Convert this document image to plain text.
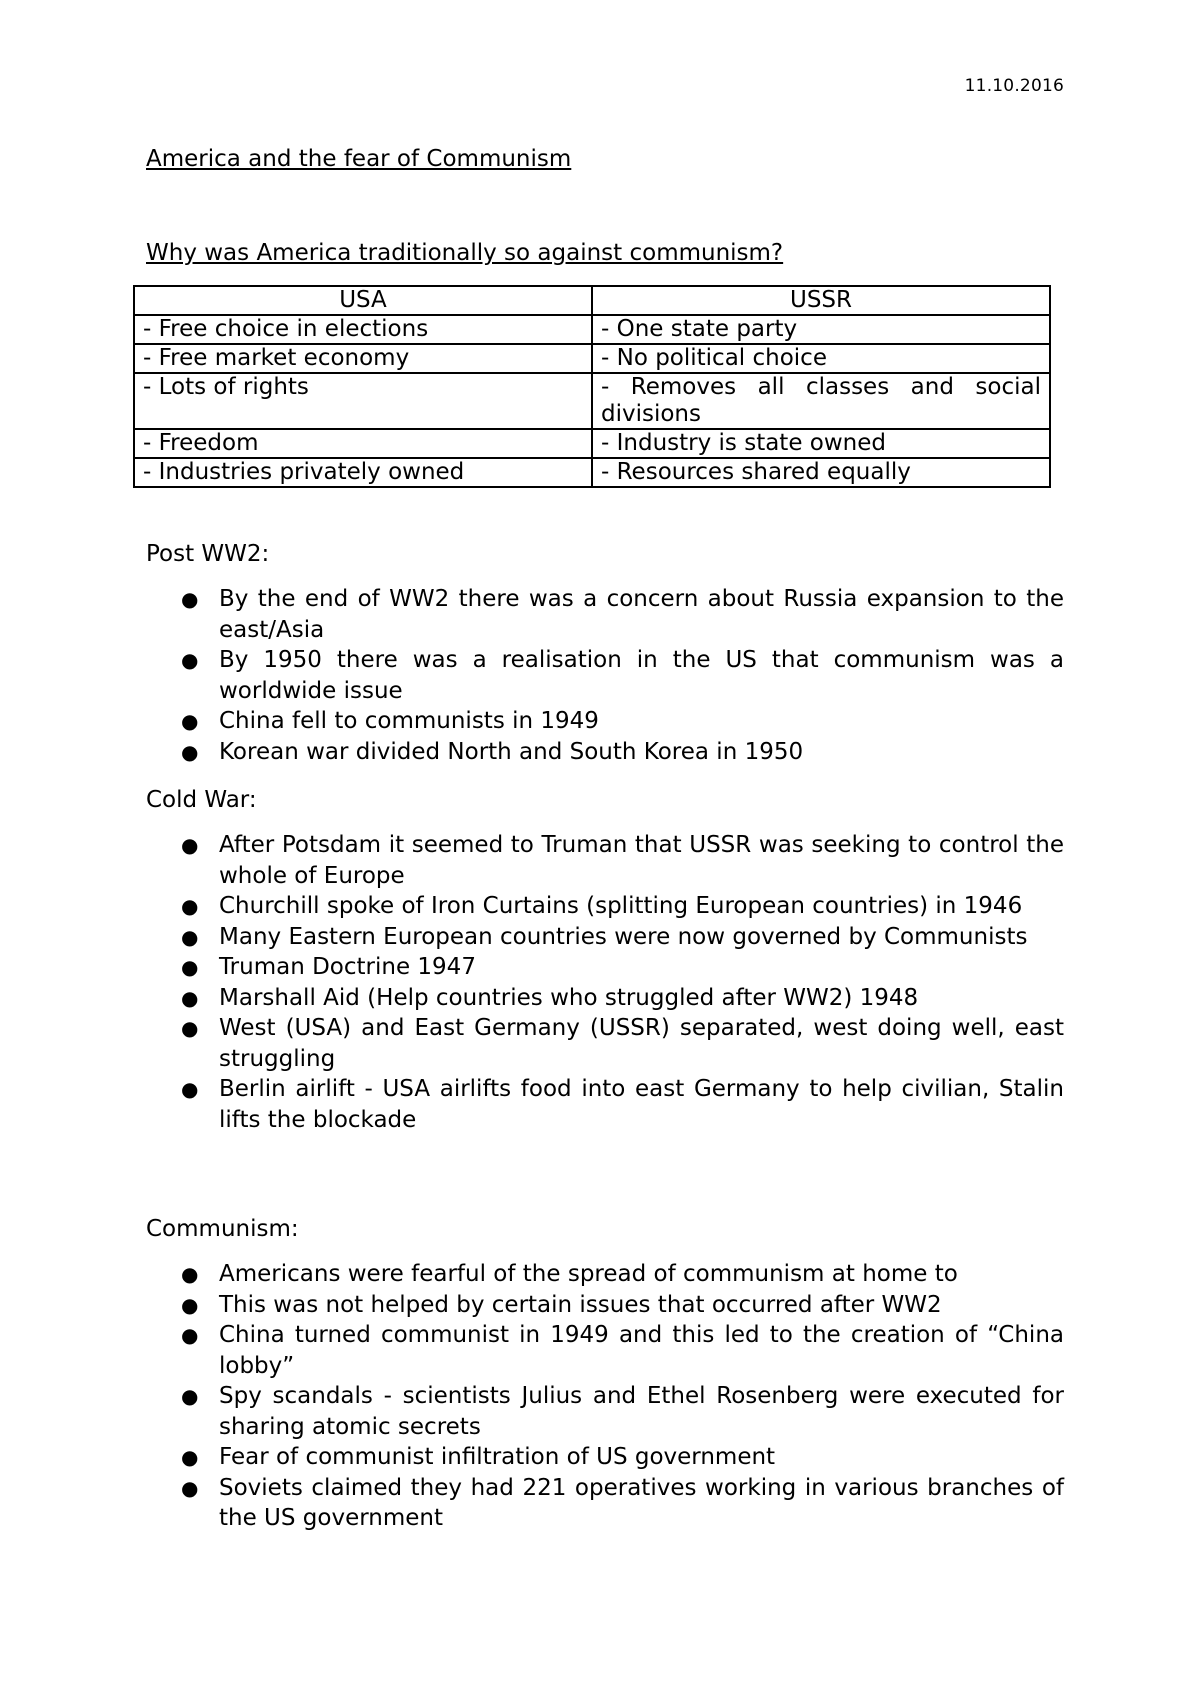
11.10.2016
America and the fear of Communism
Why was America traditionally so against communism?
USA	USSR
- Free choice in elections	- One state party
- Free market economy	- No political choice
- Lots of rights	- Removes all classes and social divisions
- Freedom	- Industry is state owned
- Industries privately owned	- Resources shared equally
Post WW2:
● By the end of WW2 there was a concern about Russia expansion to the east/Asia
● By 1950 there was a realisation in the US that communism was a worldwide issue
● China fell to communists in 1949
● Korean war divided North and South Korea in 1950
Cold War:
● After Potsdam it seemed to Truman that USSR was seeking to control the whole of Europe
● Churchill spoke of Iron Curtains (splitting European countries) in 1946
● Many Eastern European countries were now governed by Communists
● Truman Doctrine 1947
● Marshall Aid (Help countries who struggled after WW2) 1948
● West (USA) and East Germany (USSR) separated, west doing well, east struggling
● Berlin airlift - USA airlifts food into east Germany to help civilian, Stalin lifts the blockade
Communism:
● Americans were fearful of the spread of communism at home to
● This was not helped by certain issues that occurred after WW2
● China turned communist in 1949 and this led to the creation of “China lobby”
● Spy scandals - scientists Julius and Ethel Rosenberg were executed for sharing atomic secrets
● Fear of communist infiltration of US government
● Soviets claimed they had 221 operatives working in various branches of the US government
